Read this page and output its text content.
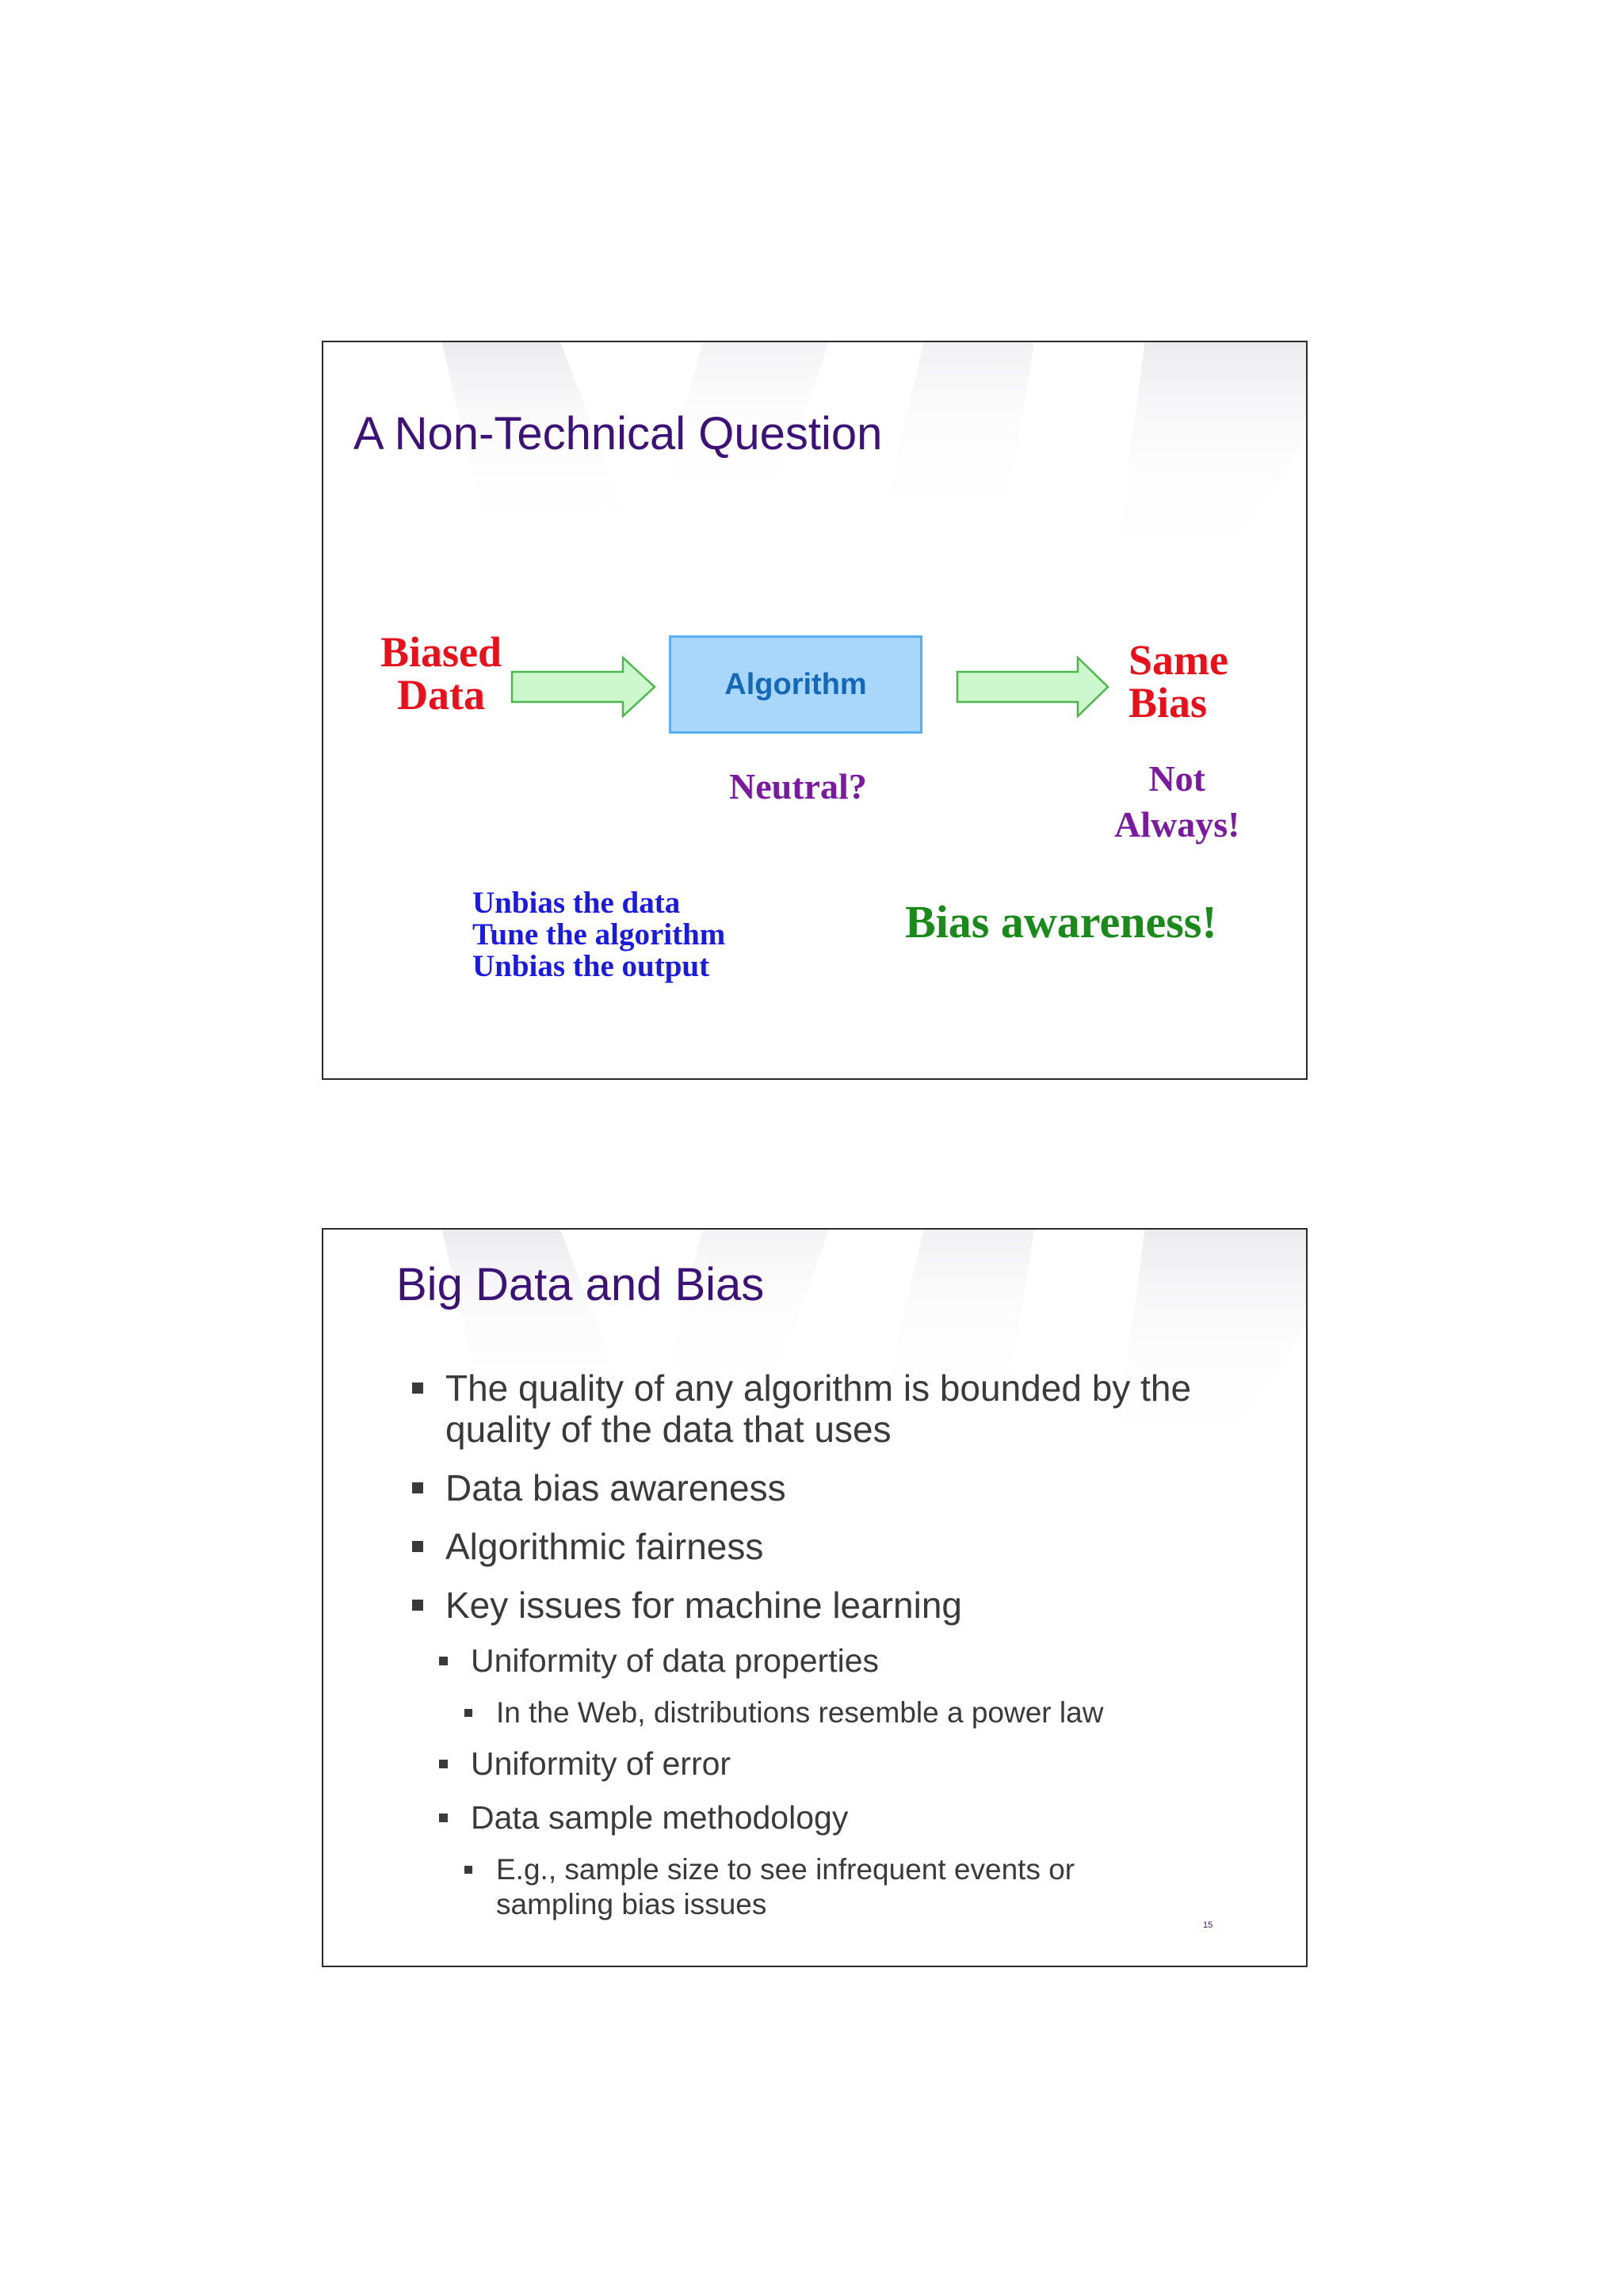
A Non-Technical Question
Biased
Data	Algorithm
Same
Bias
Neutral?	Not
Always!
Unbias the data
Tune the algorithm
Unbias the output
Bias awareness!
Big Data and Bias
The quality of any algorithm is bounded by the
quality of the data that uses
Data bias awareness
Algorithmic fairness
Key issues for machine learning
Uniformity of data properties
In the Web, distributions resemble a power law
Uniformity of error
Data sample methodology
E.g., sample size to see infrequent events or
sampling bias issues
15
